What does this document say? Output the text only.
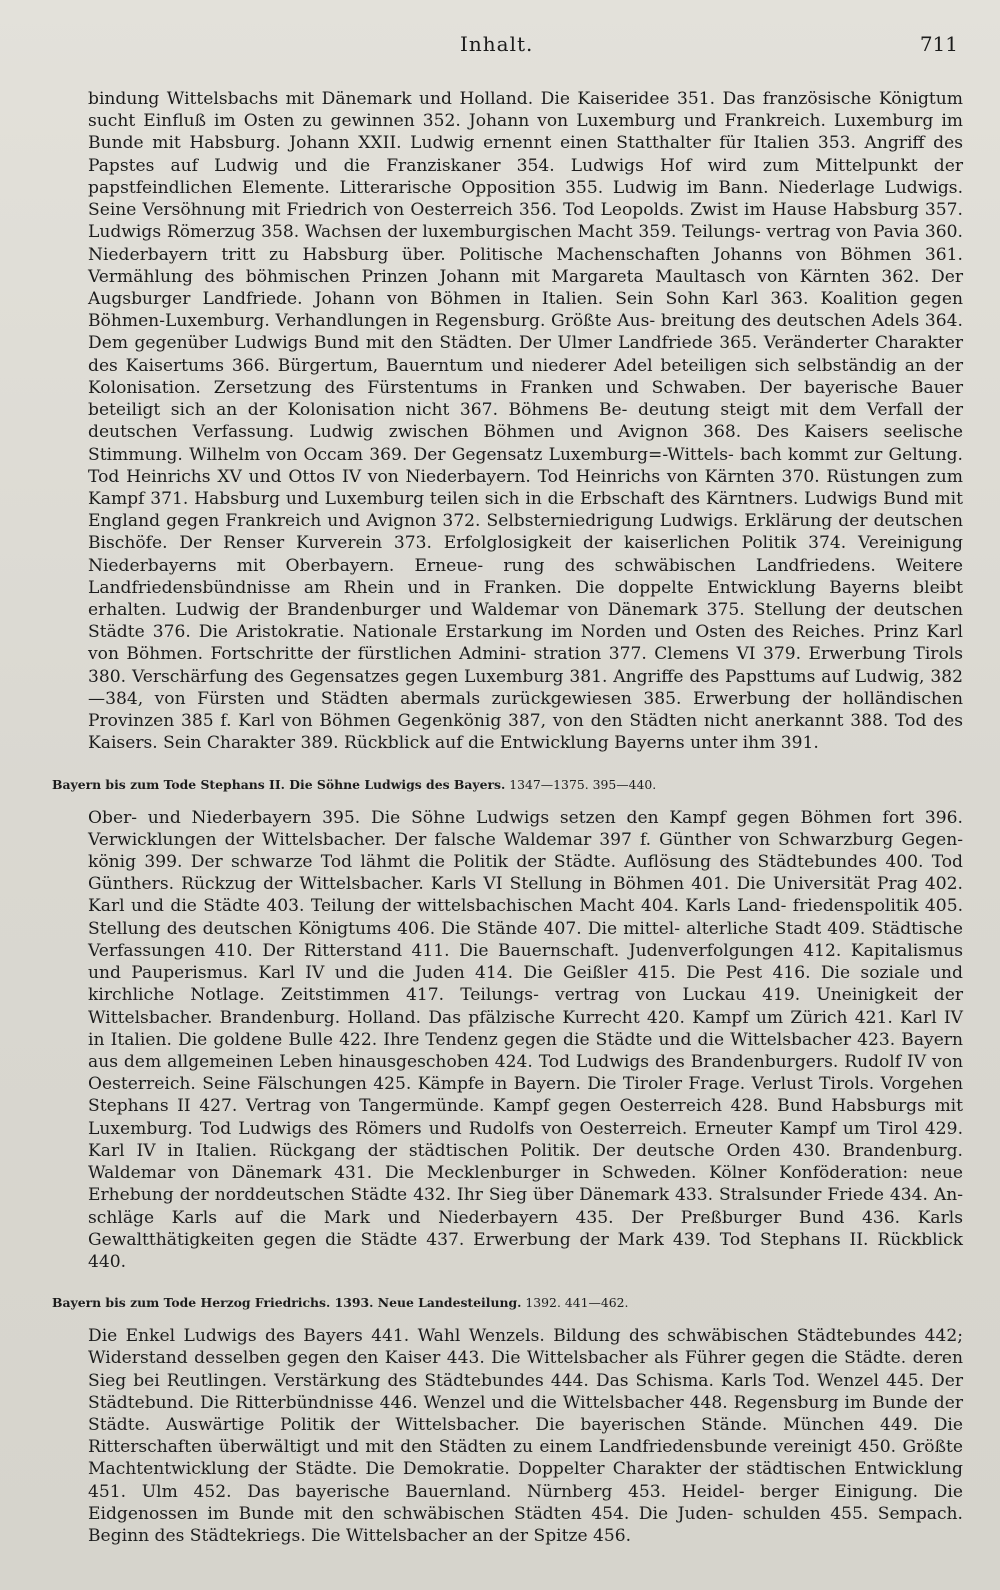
Inhalt.	711

bindung Wittelsbachs mit Dänemark und Holland. Die Kaiseridee 351. Das französische Königtum sucht Einfluß im Osten zu gewinnen 352. Johann von Luxemburg und Frankreich. Luxemburg im Bunde mit Habsburg. Johann XXII. Ludwig ernennt einen Statthalter für Italien 353. Angriff des Papstes auf Ludwig und die Franziskaner 354. Ludwigs Hof wird zum Mittelpunkt der papstfeindlichen Elemente. Litterarische Opposition 355. Ludwig im Bann. Niederlage Ludwigs. Seine Versöhnung mit Friedrich von Oesterreich 356. Tod Leopolds. Zwist im Hause Habsburg 357. Ludwigs Römerzug 358. Wachsen der luxemburgischen Macht 359. Teilungs- vertrag von Pavia 360. Niederbayern tritt zu Habsburg über. Politische Machenschaften Johanns von Böhmen 361. Vermählung des böhmischen Prinzen Johann mit Margareta Maultasch von Kärnten 362. Der Augsburger Landfriede. Johann von Böhmen in Italien. Sein Sohn Karl 363. Koalition gegen Böhmen-Luxemburg. Verhandlungen in Regensburg. Größte Aus- breitung des deutschen Adels 364. Dem gegenüber Ludwigs Bund mit den Städten. Der Ulmer Landfriede 365. Veränderter Charakter des Kaisertums 366. Bürgertum, Bauerntum und niederer Adel beteiligen sich selbständig an der Kolonisation. Zersetzung des Fürstentums in Franken und Schwaben. Der bayerische Bauer beteiligt sich an der Kolonisation nicht 367. Böhmens Be- deutung steigt mit dem Verfall der deutschen Verfassung. Ludwig zwischen Böhmen und Avignon 368. Des Kaisers seelische Stimmung. Wilhelm von Occam 369. Der Gegensatz Luxemburg=-Wittels- bach kommt zur Geltung. Tod Heinrichs XV und Ottos IV von Niederbayern. Tod Heinrichs von Kärnten 370. Rüstungen zum Kampf 371. Habsburg und Luxemburg teilen sich in die Erbschaft des Kärntners. Ludwigs Bund mit England gegen Frankreich und Avignon 372. Selbsterniedrigung Ludwigs. Erklärung der deutschen Bischöfe. Der Renser Kurverein 373. Erfolglosigkeit der kaiserlichen Politik 374. Vereinigung Niederbayerns mit Oberbayern. Erneue- rung des schwäbischen Landfriedens. Weitere Landfriedensbündnisse am Rhein und in Franken. Die doppelte Entwicklung Bayerns bleibt erhalten. Ludwig der Brandenburger und Waldemar von Dänemark 375. Stellung der deutschen Städte 376. Die Aristokratie. Nationale Erstarkung im Norden und Osten des Reiches. Prinz Karl von Böhmen. Fortschritte der fürstlichen Admini- stration 377. Clemens VI 379. Erwerbung Tirols 380. Verschärfung des Gegensatzes gegen Luxemburg 381. Angriffe des Papsttums auf Ludwig, 382—384, von Fürsten und Städten abermals zurückgewiesen 385. Erwerbung der holländischen Provinzen 385 f. Karl von Böhmen Gegenkönig 387, von den Städten nicht anerkannt 388. Tod des Kaisers. Sein Charakter 389. Rückblick auf die Entwicklung Bayerns unter ihm 391.

Bayern bis zum Tode Stephans II. Die Söhne Ludwigs des Bayers. 1347—1375. 395—440.

Ober- und Niederbayern 395. Die Söhne Ludwigs setzen den Kampf gegen Böhmen fort 396. Verwicklungen der Wittelsbacher. Der falsche Waldemar 397 f. Günther von Schwarzburg Gegen- könig 399. Der schwarze Tod lähmt die Politik der Städte. Auflösung des Städtebundes 400. Tod Günthers. Rückzug der Wittelsbacher. Karls VI Stellung in Böhmen 401. Die Universität Prag 402. Karl und die Städte 403. Teilung der wittelsbachischen Macht 404. Karls Land- friedenspolitik 405. Stellung des deutschen Königtums 406. Die Stände 407. Die mittel- alterliche Stadt 409. Städtische Verfassungen 410. Der Ritterstand 411. Die Bauernschaft. Judenverfolgungen 412. Kapitalismus und Pauperismus. Karl IV und die Juden 414. Die Geißler 415. Die Pest 416. Die soziale und kirchliche Notlage. Zeitstimmen 417. Teilungs- vertrag von Luckau 419. Uneinigkeit der Wittelsbacher. Brandenburg. Holland. Das pfälzische Kurrecht 420. Kampf um Zürich 421. Karl IV in Italien. Die goldene Bulle 422. Ihre Tendenz gegen die Städte und die Wittelsbacher 423. Bayern aus dem allgemeinen Leben hinausgeschoben 424. Tod Ludwigs des Brandenburgers. Rudolf IV von Oesterreich. Seine Fälschungen 425. Kämpfe in Bayern. Die Tiroler Frage. Verlust Tirols. Vorgehen Stephans II 427. Vertrag von Tangermünde. Kampf gegen Oesterreich 428. Bund Habsburgs mit Luxemburg. Tod Ludwigs des Römers und Rudolfs von Oesterreich. Erneuter Kampf um Tirol 429. Karl IV in Italien. Rückgang der städtischen Politik. Der deutsche Orden 430. Brandenburg. Waldemar von Dänemark 431. Die Mecklenburger in Schweden. Kölner Konföderation: neue Erhebung der norddeutschen Städte 432. Ihr Sieg über Dänemark 433. Stralsunder Friede 434. An- schläge Karls auf die Mark und Niederbayern 435. Der Preßburger Bund 436. Karls Gewaltthätigkeiten gegen die Städte 437. Erwerbung der Mark 439. Tod Stephans II. Rückblick 440.

Bayern bis zum Tode Herzog Friedrichs. 1393. Neue Landesteilung. 1392. 441—462.

Die Enkel Ludwigs des Bayers 441. Wahl Wenzels. Bildung des schwäbischen Städtebundes 442; Widerstand desselben gegen den Kaiser 443. Die Wittelsbacher als Führer gegen die Städte. deren Sieg bei Reutlingen. Verstärkung des Städtebundes 444. Das Schisma. Karls Tod. Wenzel 445. Der Städtebund. Die Ritterbündnisse 446. Wenzel und die Wittelsbacher 448. Regensburg im Bunde der Städte. Auswärtige Politik der Wittelsbacher. Die bayerischen Stände. München 449. Die Ritterschaften überwältigt und mit den Städten zu einem Landfriedensbunde vereinigt 450. Größte Machtentwicklung der Städte. Die Demokratie. Doppelter Charakter der städtischen Entwicklung 451. Ulm 452. Das bayerische Bauernland. Nürnberg 453. Heidel- berger Einigung. Die Eidgenossen im Bunde mit den schwäbischen Städten 454. Die Juden- schulden 455. Sempach. Beginn des Städtekriegs. Die Wittelsbacher an der Spitze 456.
